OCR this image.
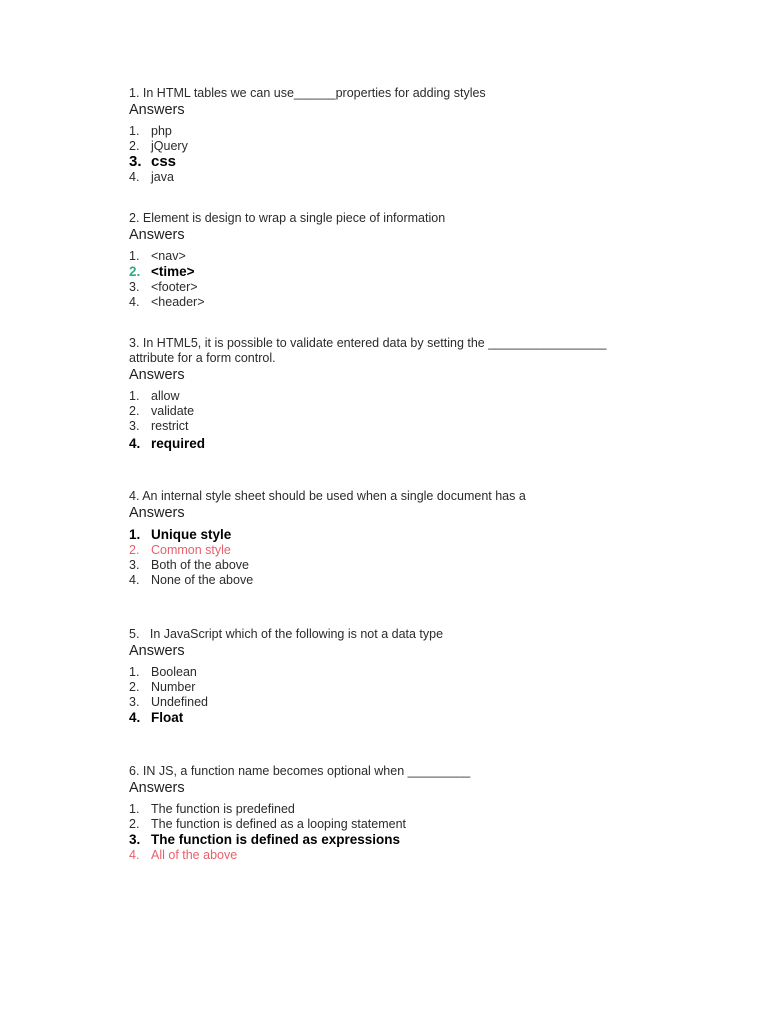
1. In HTML tables we can use______properties for adding styles
Answers
1. php
2. jQuery
3. css
4. java
2. Element is design to wrap a single piece of information
Answers
1. <nav>
2. <time>
3. <footer>
4. <header>
3. In HTML5, it is possible to validate entered data by setting the _________________
attribute for a form control.
Answers
1. allow
2. validate
3. restrict
4. required
4. An internal style sheet should be used when a single document has a
Answers
1. Unique style
2. Common style
3. Both of the above
4. None of the above
5.   In JavaScript which of the following is not a data type
Answers
1. Boolean
2. Number
3. Undefined
4. Float
6. IN JS, a function name becomes optional when _________
Answers
1. The function is predefined
2. The function is defined as a looping statement
3. The function is defined as expressions
4. All of the above
